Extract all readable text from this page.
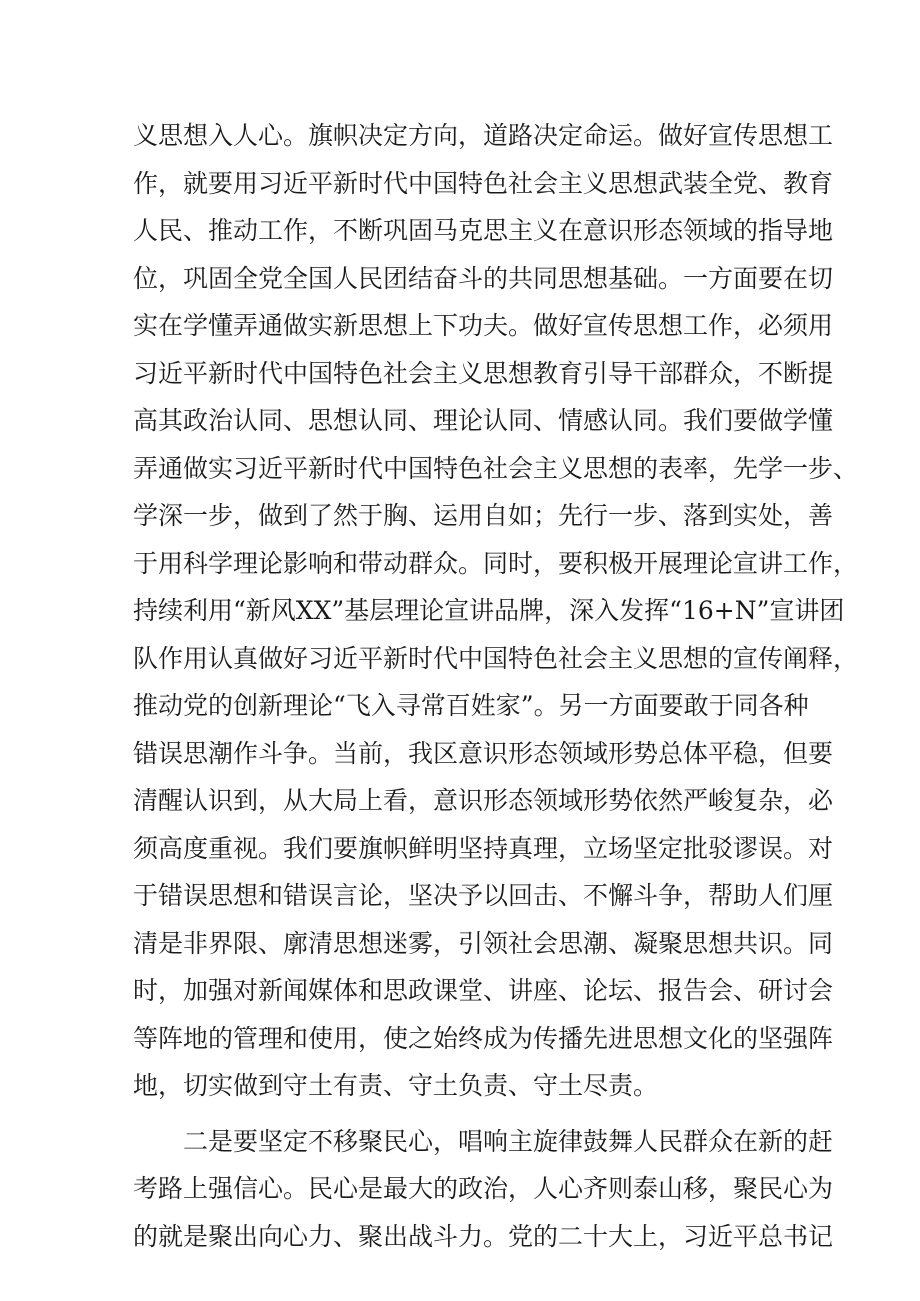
义思想入人心。旗帜决定方向，道路决定命运。做好宣传思想工
作，就要用习近平新时代中国特色社会主义思想武装全党、教育
人民、推动工作，不断巩固马克思主义在意识形态领域的指导地
位，巩固全党全国人民团结奋斗的共同思想基础。一方面要在切
实在学懂弄通做实新思想上下功夫。做好宣传思想工作，必须用
习近平新时代中国特色社会主义思想教育引导干部群众，不断提
高其政治认同、思想认同、理论认同、情感认同。我们要做学懂
弄通做实习近平新时代中国特色社会主义思想的表率，先学一步、
学深一步，做到了然于胸、运用自如；先行一步、落到实处，善
于用科学理论影响和带动群众。同时，要积极开展理论宣讲工作，
持续利用“新风XX”基层理论宣讲品牌，深入发挥“16+N”宣讲团
队作用认真做好习近平新时代中国特色社会主义思想的宣传阐释，
推动党的创新理论“飞入寻常百姓家”。另一方面要敢于同各种
错误思潮作斗争。当前，我区意识形态领域形势总体平稳，但要
清醒认识到，从大局上看，意识形态领域形势依然严峻复杂，必
须高度重视。我们要旗帜鲜明坚持真理，立场坚定批驳谬误。对
于错误思想和错误言论，坚决予以回击、不懈斗争，帮助人们厘
清是非界限、廓清思想迷雾，引领社会思潮、凝聚思想共识。同
时，加强对新闻媒体和思政课堂、讲座、论坛、报告会、研讨会
等阵地的管理和使用，使之始终成为传播先进思想文化的坚强阵
地，切实做到守土有责、守土负责、守土尽责。
二是要坚定不移聚民心，唱响主旋律鼓舞人民群众在新的赶
考路上强信心。民心是最大的政治，人心齐则泰山移，聚民心为
的就是聚出向心力、聚出战斗力。党的二十大上，习近平总书记
